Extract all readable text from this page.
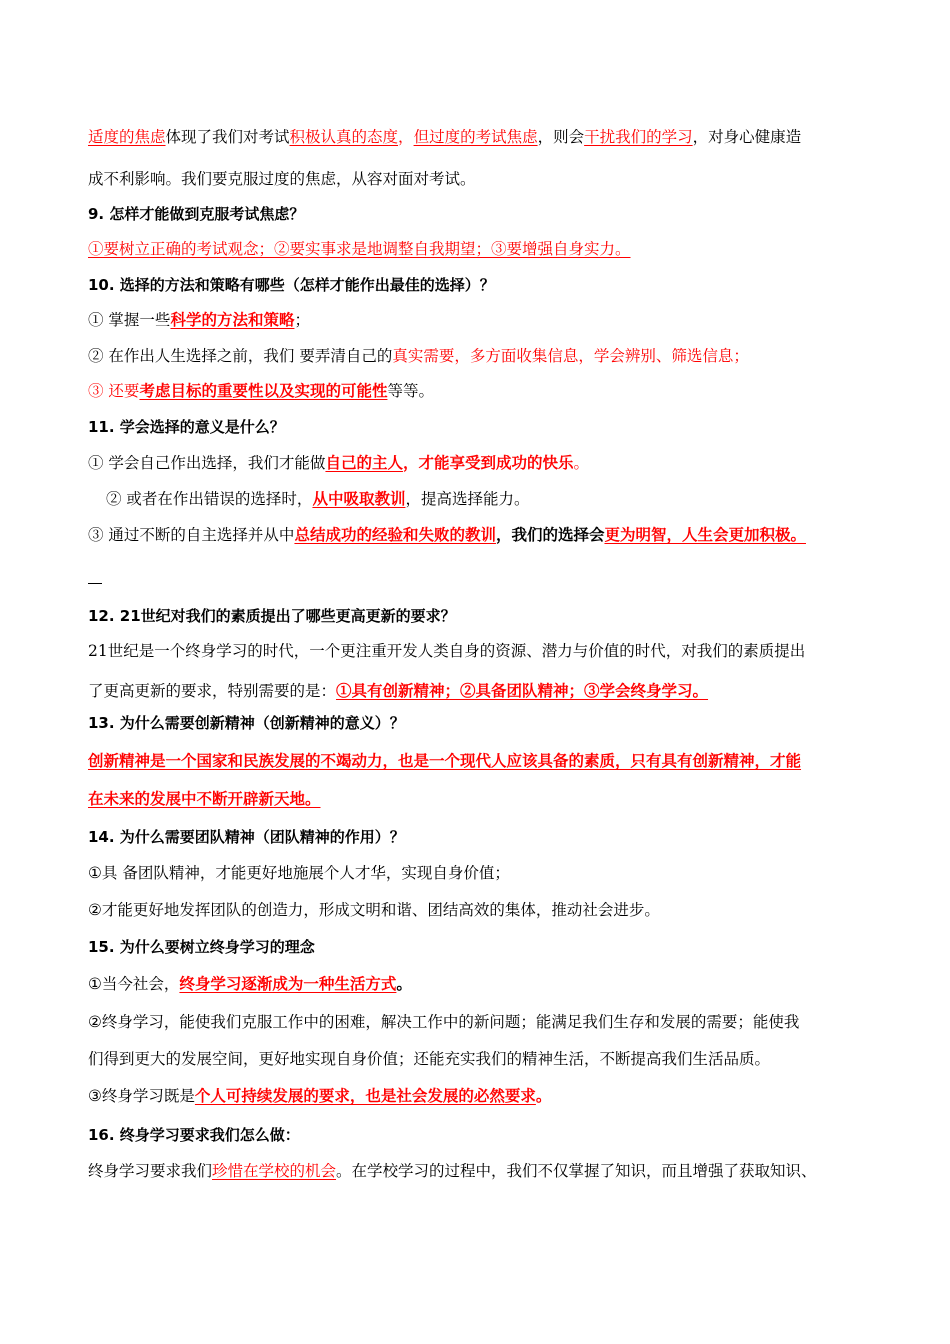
适度的焦虑体现了我们对考试积极认真的态度，但过度的考试焦虑，则会干扰我们的学习，对身心健康造
成不利影响。我们要克服过度的焦虑，从容对面对考试。
9. 怎样才能做到克服考试焦虑？
①要树立正确的考试观念；②要实事求是地调整自我期望；③要增强自身实力。
10. 选择的方法和策略有哪些（怎样才能作出最佳的选择）？
① 掌握一些科学的方法和策略；
② 在作出人生选择之前，我们 要弄清自己的真实需要，多方面收集信息，学会辨别、筛选信息；
③ 还要考虑目标的重要性以及实现的可能性等等。
11. 学会选择的意义是什么？
① 学会自己作出选择，我们才能做自己的主人，才能享受到成功的快乐。
② 或者在作出错误的选择时，从中吸取教训，提高选择能力。
③ 通过不断的自主选择并从中总结成功的经验和失败的教训，我们的选择会更为明智，人生会更加积极。
12. 21世纪对我们的素质提出了哪些更高更新的要求？
21世纪是一个终身学习的时代，一个更注重开发人类自身的资源、潜力与价值的时代，对我们的素质提出
了更高更新的要求，特别需要的是：①具有创新精神；②具备团队精神；③学会终身学习。
13. 为什么需要创新精神（创新精神的意义）？
创新精神是一个国家和民族发展的不竭动力，也是一个现代人应该具备的素质，只有具有创新精神，才能
在未来的发展中不断开辟新天地。
14. 为什么需要团队精神（团队精神的作用）？
①具 备团队精神，才能更好地施展个人才华，实现自身价值；
②才能更好地发挥团队的创造力，形成文明和谐、团结高效的集体，推动社会进步。
15. 为什么要树立终身学习的理念
①当今社会，终身学习逐渐成为一种生活方式。
②终身学习，能使我们克服工作中的困难，解决工作中的新问题；能满足我们生存和发展的需要；能使我
们得到更大的发展空间，更好地实现自身价值；还能充实我们的精神生活，不断提高我们生活品质。
③终身学习既是个人可持续发展的要求，也是社会发展的必然要求。
16. 终身学习要求我们怎么做：
终身学习要求我们珍惜在学校的机会。在学校学习的过程中，我们不仅掌握了知识，而且增强了获取知识、
